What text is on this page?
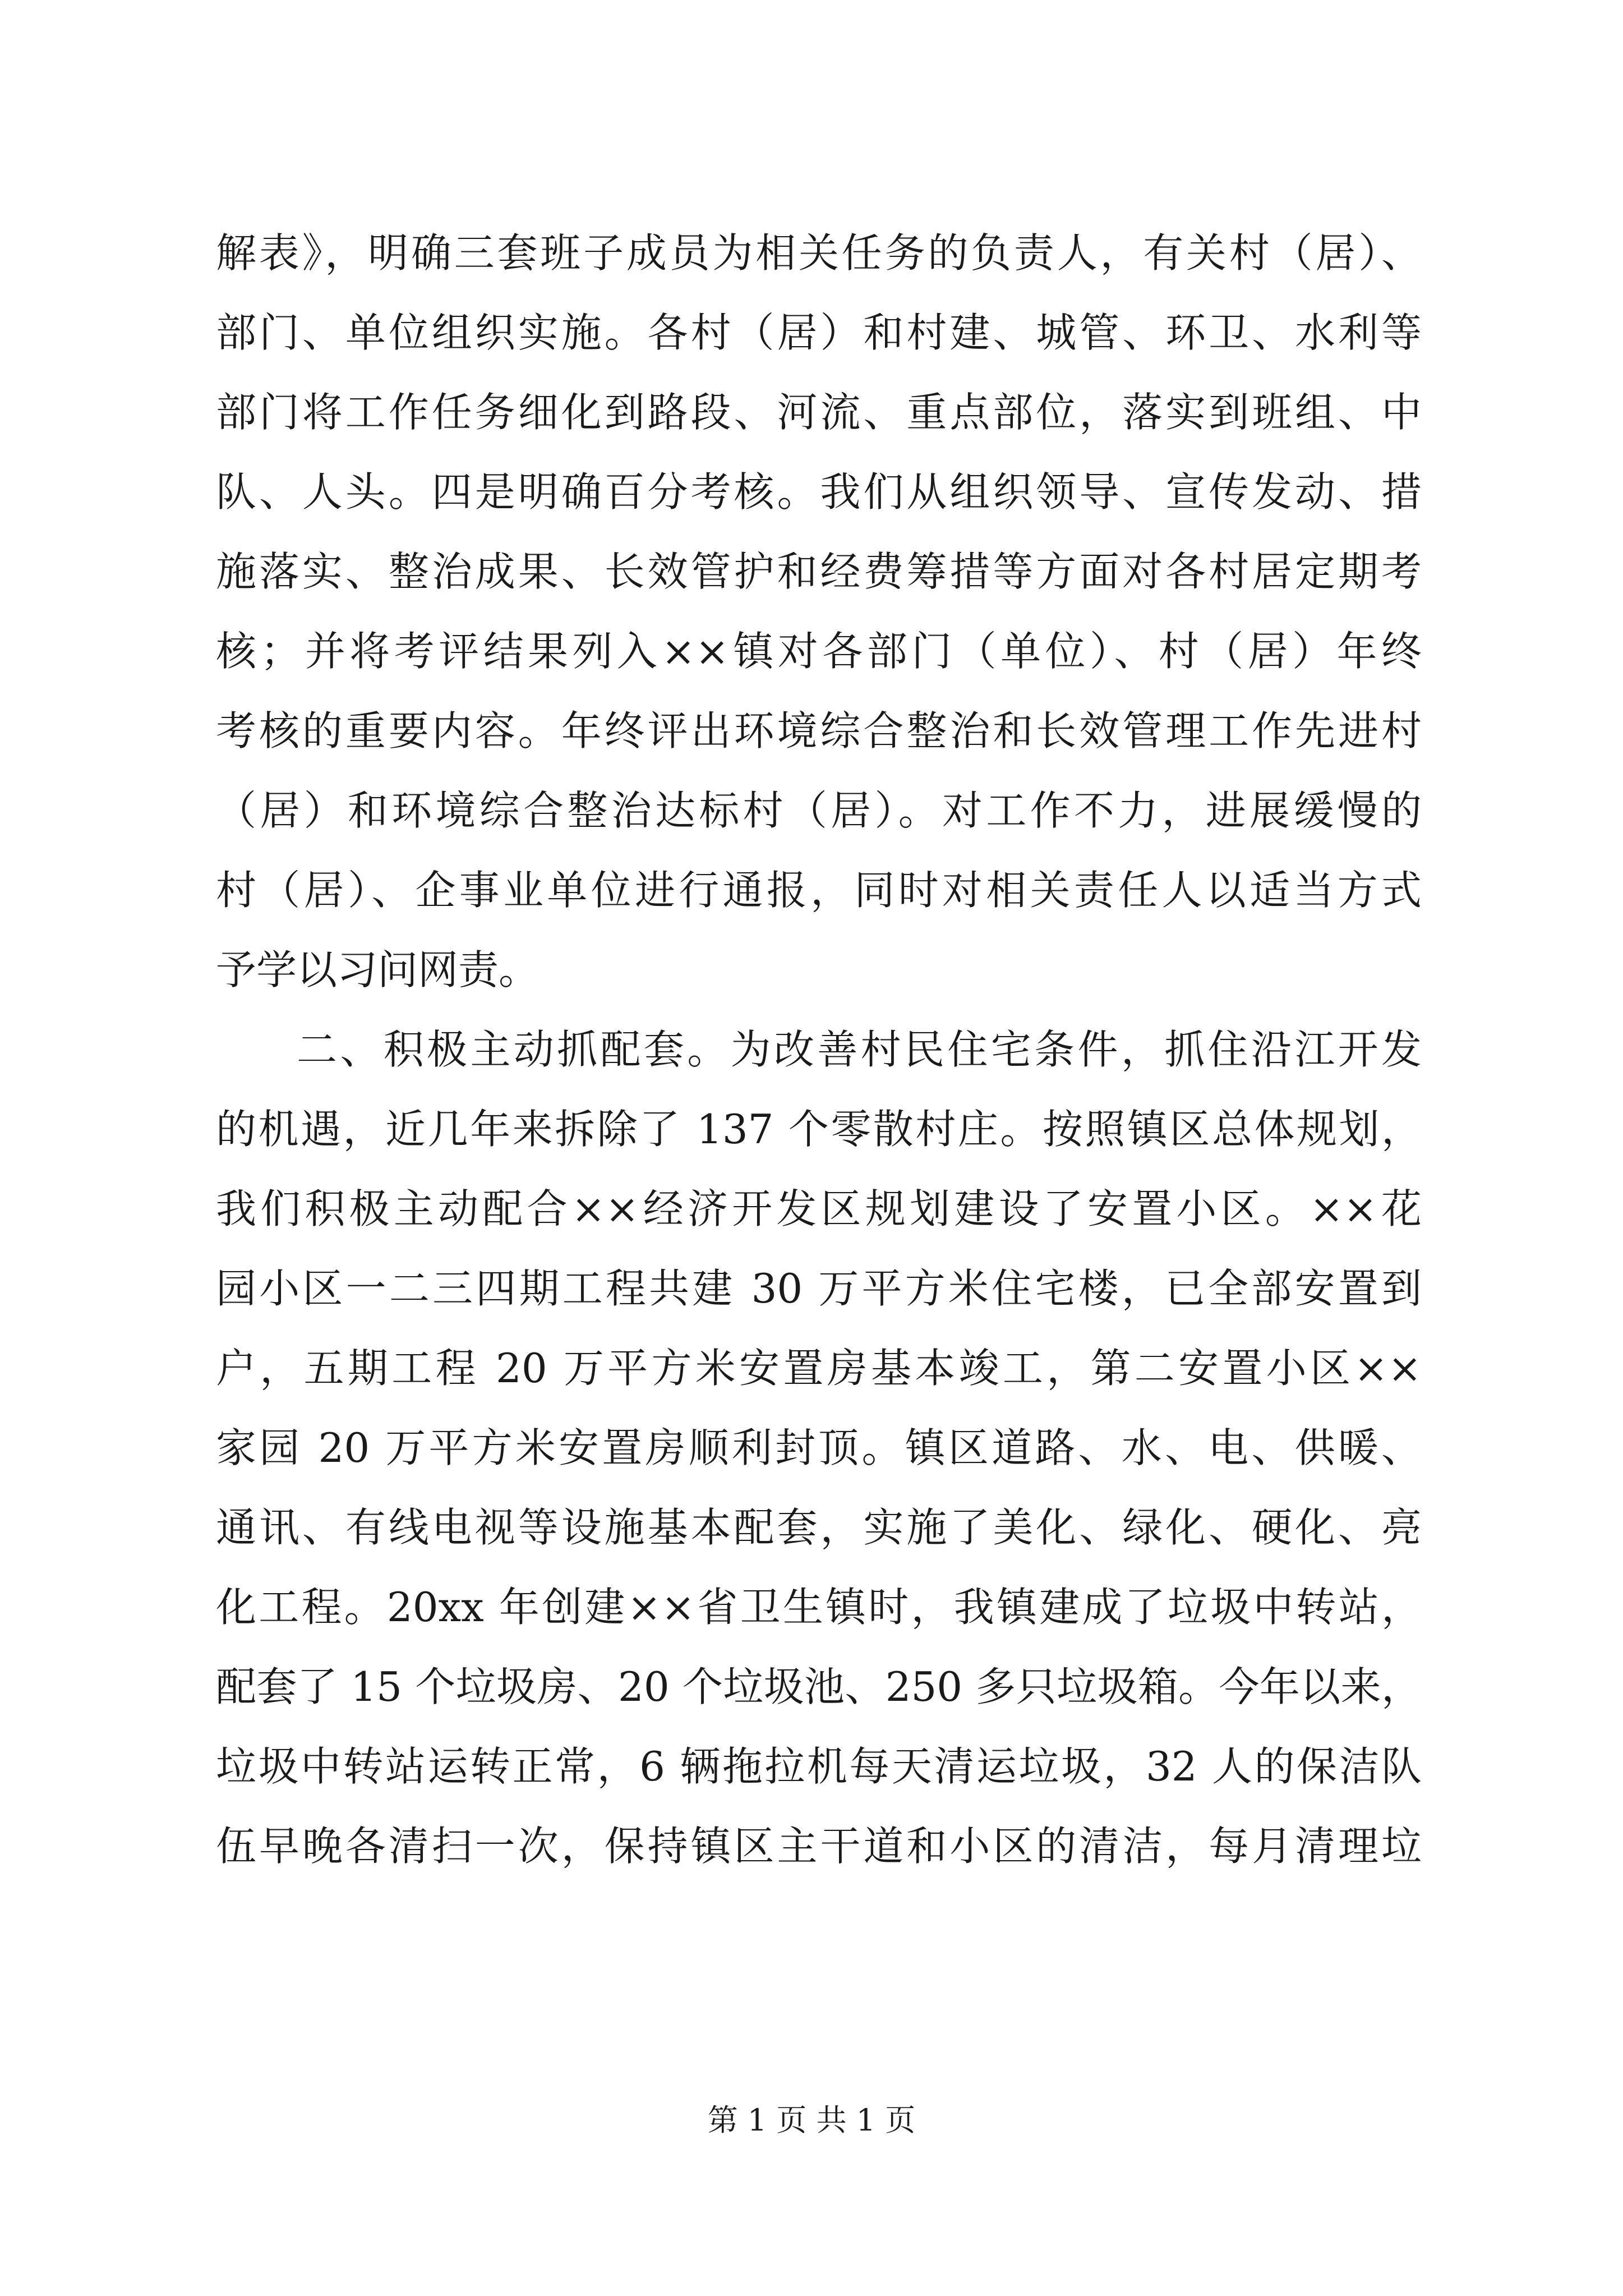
解表》，明确三套班子成员为相关任务的负责人，有关村（居）、
部门、单位组织实施。各村（居）和村建、城管、环卫、水利等
部门将工作任务细化到路段、河流、重点部位，落实到班组、中
队、人头。四是明确百分考核。我们从组织领导、宣传发动、措
施落实、整治成果、长效管护和经费筹措等方面对各村居定期考
核；并将考评结果列入××镇对各部门（单位）、村（居）年终
考核的重要内容。年终评出环境综合整治和长效管理工作先进村
（居）和环境综合整治达标村（居）。对工作不力，进展缓慢的
村（居）、企事业单位进行通报，同时对相关责任人以适当方式
予学以习问网责。
二、积极主动抓配套。为改善村民住宅条件，抓住沿江开发
的机遇，近几年来拆除了 137 个零散村庄。按照镇区总体规划，
我们积极主动配合××经济开发区规划建设了安置小区。××花
园小区一二三四期工程共建 30 万平方米住宅楼，已全部安置到
户，五期工程 20 万平方米安置房基本竣工，第二安置小区××
家园 20 万平方米安置房顺利封顶。镇区道路、水、电、供暖、
通讯、有线电视等设施基本配套，实施了美化、绿化、硬化、亮
化工程。20xx 年创建××省卫生镇时，我镇建成了垃圾中转站，
配套了 15 个垃圾房、20 个垃圾池、250 多只垃圾箱。今年以来，
垃圾中转站运转正常，6 辆拖拉机每天清运垃圾，32 人的保洁队
伍早晚各清扫一次，保持镇区主干道和小区的清洁，每月清理垃
第 1 页 共 1 页
